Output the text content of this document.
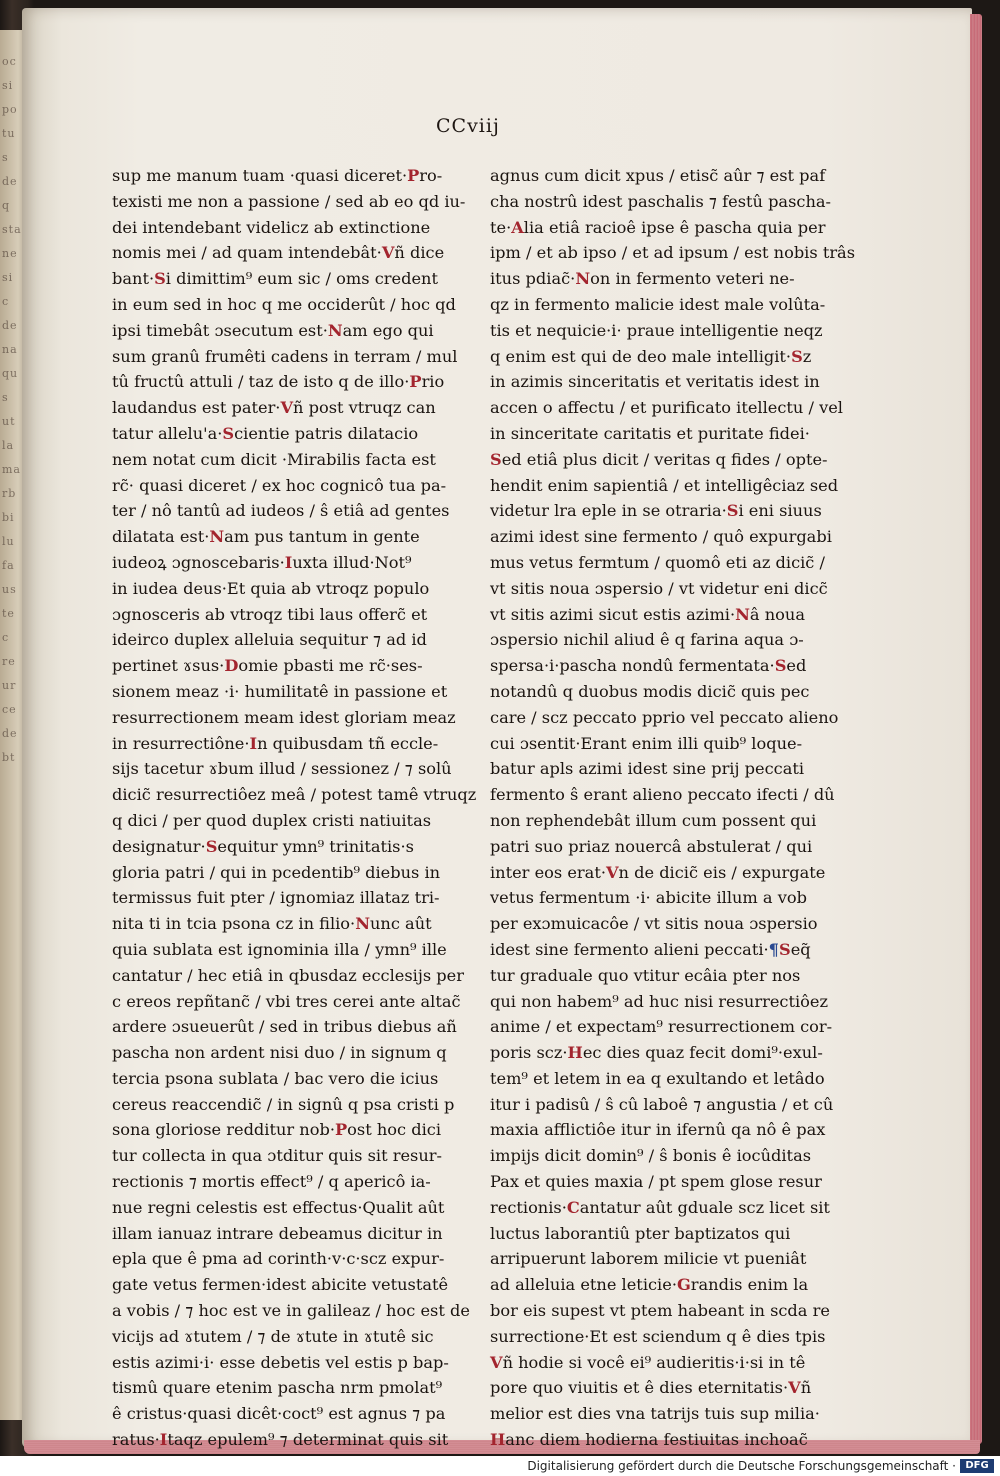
oc
si
po
tu
s
de
q
sta
ne
si
c
de
na
qu
s
ut
la
ma
rb
bi
lu
fa
us
te
c
re
ur
ce
de
bt
CCviij
sup me manum tuam ·quasi diceret·Pro-
texisti me non a passione / sed ab eo qd iu-
dei intendebant videlicz ab extinctione
nomis mei / ad quam intendebât·Vñ dice
bant·Si dimittim⁹ eum sic / oms credent
in eum sed in hoc q me occiderût / hoc qd
ipsi timebât ɔsecutum est·Nam ego qui
sum granû frumêti cadens in terram / mul
tû fructû attuli / taz de isto q de illo·Prio
laudandus est pater·Vñ post vtruqz can
tatur allelu'a·Scientie patris dilatacio
nem notat cum dicit ·Mirabilis facta est
rc̃· quasi diceret / ex hoc cognicô tua pa-
ter / nô tantû ad iudeos / ŝ etiâ ad gentes
dilatata est·Nam pus tantum in gente
iudeoꝝ ɔgnoscebaris·Iuxta illud·Not⁹
in iudea deus·Et quia ab vtroqz populo
ɔgnosceris ab vtroqz tibi laus offerc̃ et
ideirco duplex alleluia sequitur ⁊ ad id
pertinet ɤsus·Domie pbasti me rc̃·ses-
sionem meaz ·i· humilitatê in passione et
resurrectionem meam idest gloriam meaz
in resurrectiône·In quibusdam tñ eccle-
sijs tacetur ɤbum illud / sessionez / ⁊ solû
dicic̃ resurrectiôez meâ / potest tamê vtruqz
q dici / per quod duplex cristi natiuitas
designatur·Sequitur ymn⁹ trinitatis·s
gloria patri / qui in pcedentib⁹ diebus in
termissus fuit pter / ignomiaz illataz tri-
nita ti in tcia psona cz in filio·Nunc aût
quia sublata est ignominia illa / ymn⁹ ille
cantatur / hec etiâ in qbusdaz ecclesijs per
c ereos repñtanc̃ / vbi tres cerei ante altac̃
ardere ɔsueuerût / sed in tribus diebus añ
pascha non ardent nisi duo / in signum q
tercia psona sublata / bac vero die icius
cereus reaccendic̃ / in signû q psa cristi p
sona gloriose redditur nob·Post hoc dici
tur collecta in qua ɔtditur quis sit resur-
rectionis ⁊ mortis effect⁹ / q apericô ia-
nue regni celestis est effectus·Qualit aût
illam ianuaz intrare debeamus dicitur in
epla que ê pma ad corinth·v·c·scz expur-
gate vetus fermen·idest abicite vetustatê
a vobis / ⁊ hoc est ve in galileaz / hoc est de
vicijs ad ɤtutem / ⁊ de ɤtute in ɤtutê sic
estis azimi·i· esse debetis vel estis p bap-
tismû quare etenim pascha nrm pmolat⁹
ê cristus·quasi dicêt·coct⁹ est agnus ⁊ pa
ratus·Itaqz epulem⁹ ⁊ determinat quis sit
agnus cum dicit xpus / etisc̃ aûr ⁊ est paf
cha nostrû idest paschalis ⁊ festû pascha-
te·Alia etiâ racioê ipse ê pascha quia per
ipm / et ab ipso / et ad ipsum / est nobis trâs
itus pdiac̃·Non in fermento veteri ne-
qz in fermento malicie idest male volûta-
tis et nequicie·i· praue intelligentie neqz
q enim est qui de deo male intelligit·Sz
in azimis sinceritatis et veritatis idest in
accen o affectu / et purificato itellectu / vel
in sinceritate caritatis et puritate fidei·
Sed etiâ plus dicit / veritas q fides / opte-
hendit enim sapientiâ / et intelligêciaz sed
videtur lra eple in se otraria·Si eni siuus
azimi idest sine fermento / quô expurgabi
mus vetus fermtum / quomô eti az dicic̃ /
vt sitis noua ɔspersio / vt videtur eni dicc̃
vt sitis azimi sicut estis azimi·Nâ noua
ɔspersio nichil aliud ê q farina aqua ɔ-
spersa·i·pascha nondû fermentata·Sed
notandû q duobus modis dicic̃ quis pec
care / scz peccato pprio vel peccato alieno
cui ɔsentit·Erant enim illi quib⁹ loque-
batur apls azimi idest sine prij peccati
fermento ŝ erant alieno peccato ifecti / dû
non rephendebât illum cum possent qui
patri suo priaz nouercâ abstulerat / qui
inter eos erat·Vn de dicic̃ eis / expurgate
vetus fermentum ·i· abicite illum a vob
per exɔmuicacôe / vt sitis noua ɔspersio
idest sine fermento alieni peccati·¶Seq̃
tur graduale quo vtitur ecâia pter nos
qui non habem⁹ ad huc nisi resurrectiôez
anime / et expectam⁹ resurrectionem cor-
poris scz·Hec dies quaz fecit domi⁹·exul-
tem⁹ et letem in ea q exultando et letâdo
itur i padisû / ŝ cû laboê ⁊ angustia / et cû
maxia afflictiôe itur in ifernû qa nô ê pax
impijs dicit domin⁹ / ŝ bonis ê iocûditas
Pax et quies maxia / pt spem glose resur
rectionis·Cantatur aût gduale scz licet sit
luctus laborantiû pter baptizatos qui
arripuerunt laborem milicie vt pueniât
ad alleluia etne leticie·Grandis enim la
bor eis supest vt ptem habeant in scda re
surrectione·Et est sciendum q ê dies tpis
Vñ hodie si você ei⁹ audieritis·i·si in tê
pore quo viuitis et ê dies eternitatis·Vñ
melior est dies vna tatrijs tuis sup milia·
Hanc diem hodierna festiuitas inchoac̃
Digitalisierung gefördert durch die Deutsche Forschungsgemeinschaft · DFG
